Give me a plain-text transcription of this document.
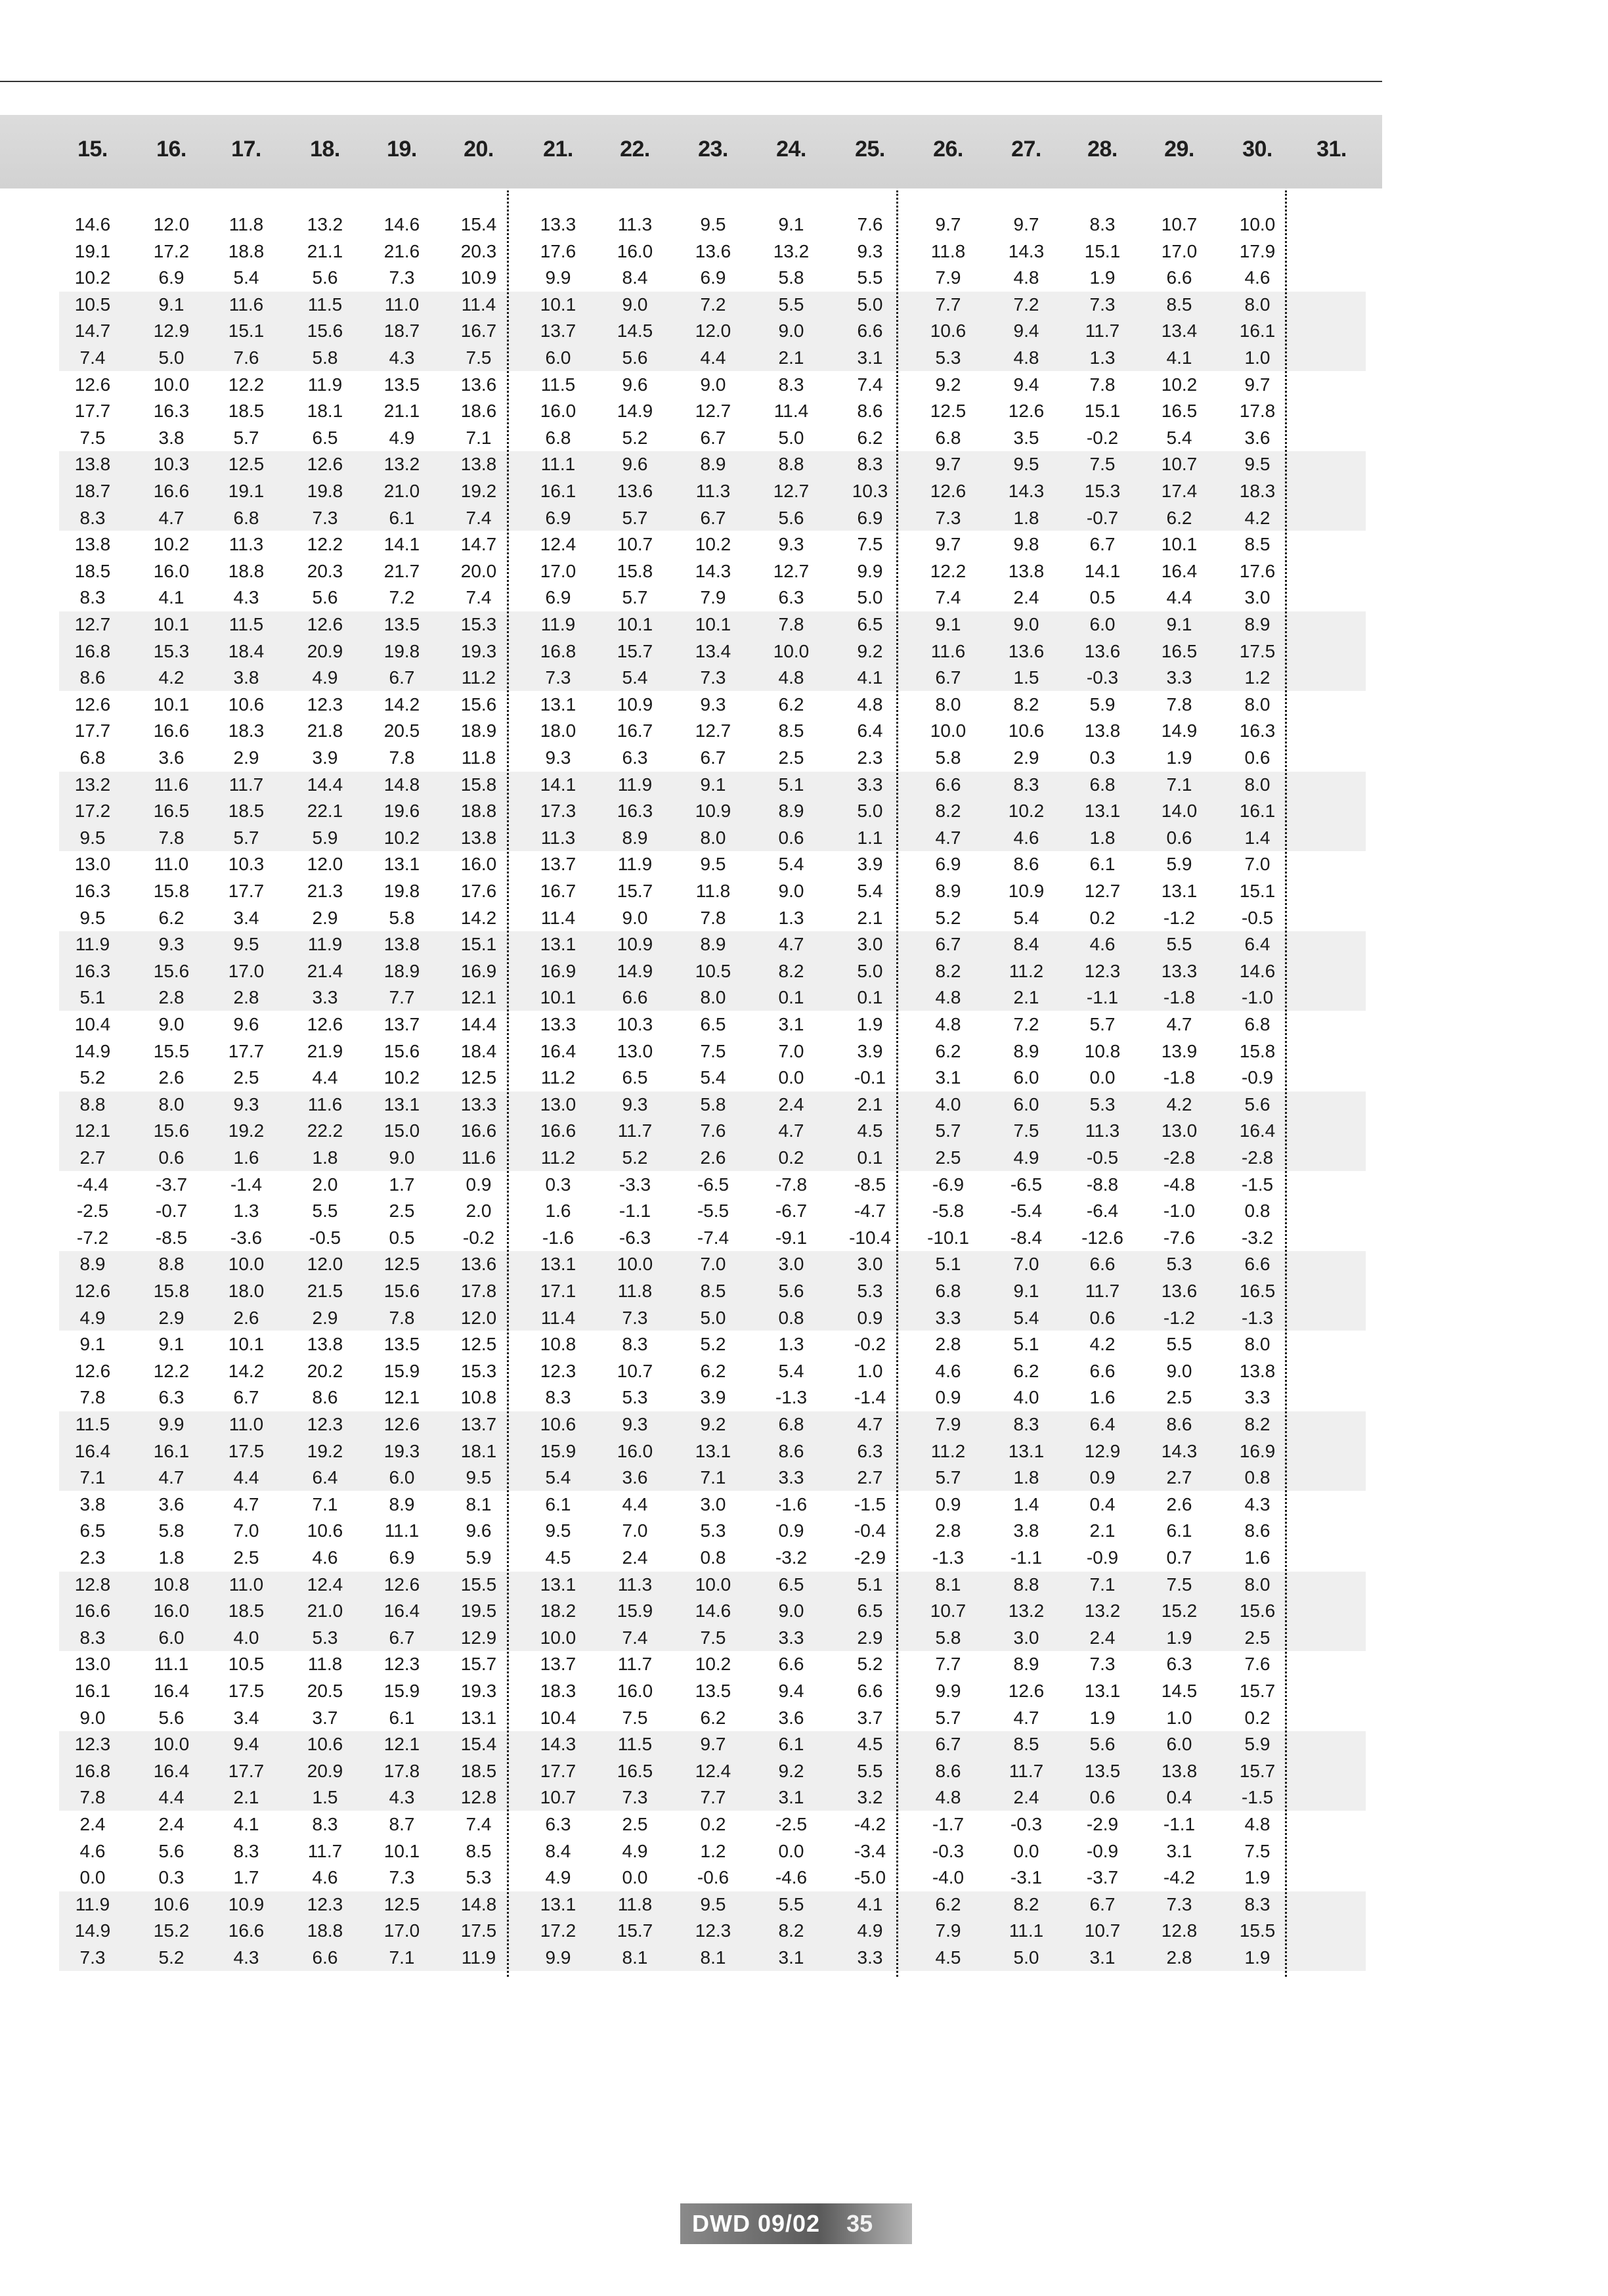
15.	16.	17.	18.	19.	20.	21.	22.	23.	24.	25.	26.	27.	28.	29.	30.	31.
14.6	12.0	11.8	13.2	14.6	15.4	13.3	11.3	9.5	9.1	7.6	9.7	9.7	8.3	10.7	10.0
19.1	17.2	18.8	21.1	21.6	20.3	17.6	16.0	13.6	13.2	9.3	11.8	14.3	15.1	17.0	17.9
10.2	6.9	5.4	5.6	7.3	10.9	9.9	8.4	6.9	5.8	5.5	7.9	4.8	1.9	6.6	4.6
10.5	9.1	11.6	11.5	11.0	11.4	10.1	9.0	7.2	5.5	5.0	7.7	7.2	7.3	8.5	8.0
14.7	12.9	15.1	15.6	18.7	16.7	13.7	14.5	12.0	9.0	6.6	10.6	9.4	11.7	13.4	16.1
7.4	5.0	7.6	5.8	4.3	7.5	6.0	5.6	4.4	2.1	3.1	5.3	4.8	1.3	4.1	1.0
12.6	10.0	12.2	11.9	13.5	13.6	11.5	9.6	9.0	8.3	7.4	9.2	9.4	7.8	10.2	9.7
17.7	16.3	18.5	18.1	21.1	18.6	16.0	14.9	12.7	11.4	8.6	12.5	12.6	15.1	16.5	17.8
7.5	3.8	5.7	6.5	4.9	7.1	6.8	5.2	6.7	5.0	6.2	6.8	3.5	-0.2	5.4	3.6
13.8	10.3	12.5	12.6	13.2	13.8	11.1	9.6	8.9	8.8	8.3	9.7	9.5	7.5	10.7	9.5
18.7	16.6	19.1	19.8	21.0	19.2	16.1	13.6	11.3	12.7	10.3	12.6	14.3	15.3	17.4	18.3
8.3	4.7	6.8	7.3	6.1	7.4	6.9	5.7	6.7	5.6	6.9	7.3	1.8	-0.7	6.2	4.2
13.8	10.2	11.3	12.2	14.1	14.7	12.4	10.7	10.2	9.3	7.5	9.7	9.8	6.7	10.1	8.5
18.5	16.0	18.8	20.3	21.7	20.0	17.0	15.8	14.3	12.7	9.9	12.2	13.8	14.1	16.4	17.6
8.3	4.1	4.3	5.6	7.2	7.4	6.9	5.7	7.9	6.3	5.0	7.4	2.4	0.5	4.4	3.0
12.7	10.1	11.5	12.6	13.5	15.3	11.9	10.1	10.1	7.8	6.5	9.1	9.0	6.0	9.1	8.9
16.8	15.3	18.4	20.9	19.8	19.3	16.8	15.7	13.4	10.0	9.2	11.6	13.6	13.6	16.5	17.5
8.6	4.2	3.8	4.9	6.7	11.2	7.3	5.4	7.3	4.8	4.1	6.7	1.5	-0.3	3.3	1.2
12.6	10.1	10.6	12.3	14.2	15.6	13.1	10.9	9.3	6.2	4.8	8.0	8.2	5.9	7.8	8.0
17.7	16.6	18.3	21.8	20.5	18.9	18.0	16.7	12.7	8.5	6.4	10.0	10.6	13.8	14.9	16.3
6.8	3.6	2.9	3.9	7.8	11.8	9.3	6.3	6.7	2.5	2.3	5.8	2.9	0.3	1.9	0.6
13.2	11.6	11.7	14.4	14.8	15.8	14.1	11.9	9.1	5.1	3.3	6.6	8.3	6.8	7.1	8.0
17.2	16.5	18.5	22.1	19.6	18.8	17.3	16.3	10.9	8.9	5.0	8.2	10.2	13.1	14.0	16.1
9.5	7.8	5.7	5.9	10.2	13.8	11.3	8.9	8.0	0.6	1.1	4.7	4.6	1.8	0.6	1.4
13.0	11.0	10.3	12.0	13.1	16.0	13.7	11.9	9.5	5.4	3.9	6.9	8.6	6.1	5.9	7.0
16.3	15.8	17.7	21.3	19.8	17.6	16.7	15.7	11.8	9.0	5.4	8.9	10.9	12.7	13.1	15.1
9.5	6.2	3.4	2.9	5.8	14.2	11.4	9.0	7.8	1.3	2.1	5.2	5.4	0.2	-1.2	-0.5
11.9	9.3	9.5	11.9	13.8	15.1	13.1	10.9	8.9	4.7	3.0	6.7	8.4	4.6	5.5	6.4
16.3	15.6	17.0	21.4	18.9	16.9	16.9	14.9	10.5	8.2	5.0	8.2	11.2	12.3	13.3	14.6
5.1	2.8	2.8	3.3	7.7	12.1	10.1	6.6	8.0	0.1	0.1	4.8	2.1	-1.1	-1.8	-1.0
10.4	9.0	9.6	12.6	13.7	14.4	13.3	10.3	6.5	3.1	1.9	4.8	7.2	5.7	4.7	6.8
14.9	15.5	17.7	21.9	15.6	18.4	16.4	13.0	7.5	7.0	3.9	6.2	8.9	10.8	13.9	15.8
5.2	2.6	2.5	4.4	10.2	12.5	11.2	6.5	5.4	0.0	-0.1	3.1	6.0	0.0	-1.8	-0.9
8.8	8.0	9.3	11.6	13.1	13.3	13.0	9.3	5.8	2.4	2.1	4.0	6.0	5.3	4.2	5.6
12.1	15.6	19.2	22.2	15.0	16.6	16.6	11.7	7.6	4.7	4.5	5.7	7.5	11.3	13.0	16.4
2.7	0.6	1.6	1.8	9.0	11.6	11.2	5.2	2.6	0.2	0.1	2.5	4.9	-0.5	-2.8	-2.8
-4.4	-3.7	-1.4	2.0	1.7	0.9	0.3	-3.3	-6.5	-7.8	-8.5	-6.9	-6.5	-8.8	-4.8	-1.5
-2.5	-0.7	1.3	5.5	2.5	2.0	1.6	-1.1	-5.5	-6.7	-4.7	-5.8	-5.4	-6.4	-1.0	0.8
-7.2	-8.5	-3.6	-0.5	0.5	-0.2	-1.6	-6.3	-7.4	-9.1	-10.4	-10.1	-8.4	-12.6	-7.6	-3.2
8.9	8.8	10.0	12.0	12.5	13.6	13.1	10.0	7.0	3.0	3.0	5.1	7.0	6.6	5.3	6.6
12.6	15.8	18.0	21.5	15.6	17.8	17.1	11.8	8.5	5.6	5.3	6.8	9.1	11.7	13.6	16.5
4.9	2.9	2.6	2.9	7.8	12.0	11.4	7.3	5.0	0.8	0.9	3.3	5.4	0.6	-1.2	-1.3
9.1	9.1	10.1	13.8	13.5	12.5	10.8	8.3	5.2	1.3	-0.2	2.8	5.1	4.2	5.5	8.0
12.6	12.2	14.2	20.2	15.9	15.3	12.3	10.7	6.2	5.4	1.0	4.6	6.2	6.6	9.0	13.8
7.8	6.3	6.7	8.6	12.1	10.8	8.3	5.3	3.9	-1.3	-1.4	0.9	4.0	1.6	2.5	3.3
11.5	9.9	11.0	12.3	12.6	13.7	10.6	9.3	9.2	6.8	4.7	7.9	8.3	6.4	8.6	8.2
16.4	16.1	17.5	19.2	19.3	18.1	15.9	16.0	13.1	8.6	6.3	11.2	13.1	12.9	14.3	16.9
7.1	4.7	4.4	6.4	6.0	9.5	5.4	3.6	7.1	3.3	2.7	5.7	1.8	0.9	2.7	0.8
3.8	3.6	4.7	7.1	8.9	8.1	6.1	4.4	3.0	-1.6	-1.5	0.9	1.4	0.4	2.6	4.3
6.5	5.8	7.0	10.6	11.1	9.6	9.5	7.0	5.3	0.9	-0.4	2.8	3.8	2.1	6.1	8.6
2.3	1.8	2.5	4.6	6.9	5.9	4.5	2.4	0.8	-3.2	-2.9	-1.3	-1.1	-0.9	0.7	1.6
12.8	10.8	11.0	12.4	12.6	15.5	13.1	11.3	10.0	6.5	5.1	8.1	8.8	7.1	7.5	8.0
16.6	16.0	18.5	21.0	16.4	19.5	18.2	15.9	14.6	9.0	6.5	10.7	13.2	13.2	15.2	15.6
8.3	6.0	4.0	5.3	6.7	12.9	10.0	7.4	7.5	3.3	2.9	5.8	3.0	2.4	1.9	2.5
13.0	11.1	10.5	11.8	12.3	15.7	13.7	11.7	10.2	6.6	5.2	7.7	8.9	7.3	6.3	7.6
16.1	16.4	17.5	20.5	15.9	19.3	18.3	16.0	13.5	9.4	6.6	9.9	12.6	13.1	14.5	15.7
9.0	5.6	3.4	3.7	6.1	13.1	10.4	7.5	6.2	3.6	3.7	5.7	4.7	1.9	1.0	0.2
12.3	10.0	9.4	10.6	12.1	15.4	14.3	11.5	9.7	6.1	4.5	6.7	8.5	5.6	6.0	5.9
16.8	16.4	17.7	20.9	17.8	18.5	17.7	16.5	12.4	9.2	5.5	8.6	11.7	13.5	13.8	15.7
7.8	4.4	2.1	1.5	4.3	12.8	10.7	7.3	7.7	3.1	3.2	4.8	2.4	0.6	0.4	-1.5
2.4	2.4	4.1	8.3	8.7	7.4	6.3	2.5	0.2	-2.5	-4.2	-1.7	-0.3	-2.9	-1.1	4.8
4.6	5.6	8.3	11.7	10.1	8.5	8.4	4.9	1.2	0.0	-3.4	-0.3	0.0	-0.9	3.1	7.5
0.0	0.3	1.7	4.6	7.3	5.3	4.9	0.0	-0.6	-4.6	-5.0	-4.0	-3.1	-3.7	-4.2	1.9
11.9	10.6	10.9	12.3	12.5	14.8	13.1	11.8	9.5	5.5	4.1	6.2	8.2	6.7	7.3	8.3
14.9	15.2	16.6	18.8	17.0	17.5	17.2	15.7	12.3	8.2	4.9	7.9	11.1	10.7	12.8	15.5
7.3	5.2	4.3	6.6	7.1	11.9	9.9	8.1	8.1	3.1	3.3	4.5	5.0	3.1	2.8	1.9
DWD 09/02 35
